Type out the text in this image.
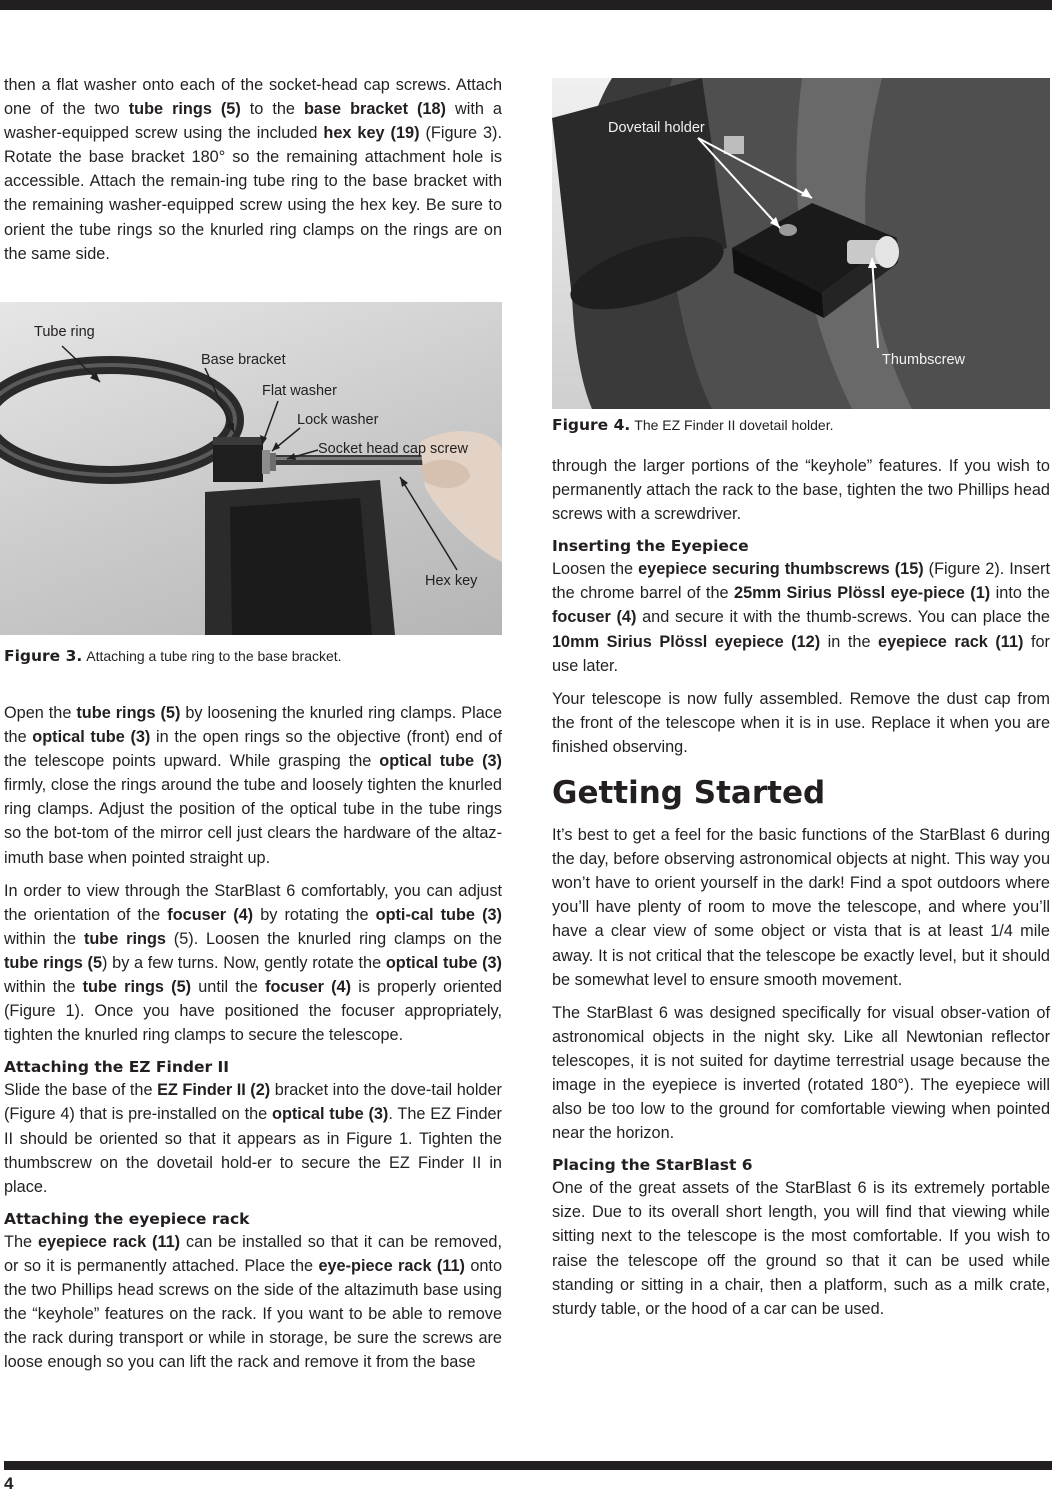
then a flat washer onto each of the socket-head cap screws. Attach one of the two tube rings (5) to the base bracket (18) with a washer-equipped screw using the included hex key (19) (Figure 3). Rotate the base bracket 180° so the remaining attachment hole is accessible. Attach the remain-ing tube ring to the base bracket with the remaining washer-equipped screw using the hex key. Be sure to orient the tube rings so the knurled ring clamps on the rings are on the same side.

Tube ring
Base bracket
Flat washer
Lock washer
Socket head cap screw
Hex key
Figure 3. Attaching a tube ring to the base bracket.

Open the tube rings (5) by loosening the knurled ring clamps. Place the optical tube (3) in the open rings so the objective (front) end of the telescope points upward. While grasping the optical tube (3) firmly, close the rings around the tube and loosely tighten the knurled ring clamps. Adjust the position of the optical tube in the tube rings so the bot-tom of the mirror cell just clears the hardware of the altaz-imuth base when pointed straight up.

In order to view through the StarBlast 6 comfortably, you can adjust the orientation of the focuser (4) by rotating the opti-cal tube (3) within the tube rings (5). Loosen the knurled ring clamps on the tube rings (5) by a few turns. Now, gently rotate the optical tube (3) within the tube rings (5) until the focuser (4) is properly oriented (Figure 1). Once you have positioned the focuser appropriately, tighten the knurled ring clamps to secure the telescope.

Attaching the EZ Finder II

Slide the base of the EZ Finder II (2) bracket into the dove-tail holder (Figure 4) that is pre-installed on the optical tube (3). The EZ Finder II should be oriented so that it appears as in Figure 1. Tighten the thumbscrew on the dovetail hold-er to secure the EZ Finder II in place.

Attaching the eyepiece rack

The eyepiece rack (11) can be installed so that it can be removed, or so it is permanently attached. Place the eye-piece rack (11) onto the two Phillips head screws on the side of the altazimuth base using the “keyhole” features on the rack. If you want to be able to remove the rack during transport or while in storage, be sure the screws are loose enough so you can lift the rack and remove it from the base

Dovetail holder
Thumbscrew
Figure 4. The EZ Finder II dovetail holder.

through the larger portions of the “keyhole” features. If you wish to permanently attach the rack to the base, tighten the two Phillips head screws with a screwdriver.

Inserting the Eyepiece

Loosen the eyepiece securing thumbscrews (15) (Figure 2). Insert the chrome barrel of the 25mm Sirius Plössl eye-piece (1) into the focuser (4) and secure it with the thumb-screws. You can place the 10mm Sirius Plössl eyepiece (12) in the eyepiece rack (11) for use later.

Your telescope is now fully assembled. Remove the dust cap from the front of the telescope when it is in use. Replace it when you are finished observing.

Getting Started

It’s best to get a feel for the basic functions of the StarBlast 6 during the day, before observing astronomical objects at night. This way you won’t have to orient yourself in the dark! Find a spot outdoors where you’ll have plenty of room to move the telescope, and where you’ll have a clear view of some object or vista that is at least 1/4 mile away. It is not critical that the telescope be exactly level, but it should be somewhat level to ensure smooth movement.

The StarBlast 6 was designed specifically for visual obser-vation of astronomical objects in the night sky. Like all Newtonian reflector telescopes, it is not suited for daytime terrestrial usage because the image in the eyepiece is inverted (rotated 180°). The eyepiece will also be too low to the ground for comfortable viewing when pointed near the horizon.

Placing the StarBlast 6

One of the great assets of the StarBlast 6 is its extremely portable size. Due to its overall short length, you will find that viewing while sitting next to the telescope is the most comfortable. If you wish to raise the telescope off the ground so that it can be used while standing or sitting in a chair, then a platform, such as a milk crate, sturdy table, or the hood of a car can be used.

4
